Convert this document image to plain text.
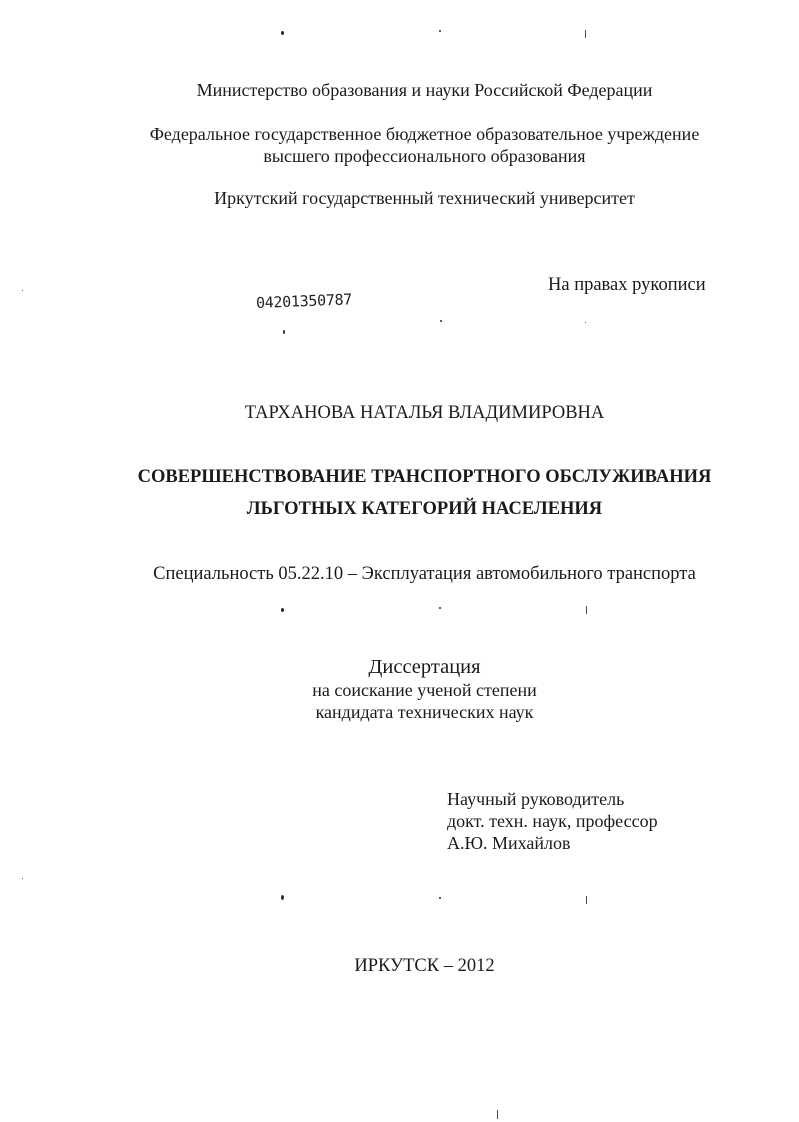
Министерство образования и науки Российской Федерации
Федеральное государственное бюджетное образовательное учреждение
высшего профессионального образования
Иркутский государственный технический университет
На правах рукописи
04201350787
ТАРХАНОВА НАТАЛЬЯ ВЛАДИМИРОВНА
СОВЕРШЕНСТВОВАНИЕ ТРАНСПОРТНОГО ОБСЛУЖИВАНИЯ
ЛЬГОТНЫХ КАТЕГОРИЙ НАСЕЛЕНИЯ
Специальность 05.22.10 – Эксплуатация автомобильного транспорта
Диссертация
на соискание ученой степени
кандидата технических наук
Научный руководитель
докт. техн. наук, профессор
А.Ю. Михайлов
ИРКУТСК – 2012
